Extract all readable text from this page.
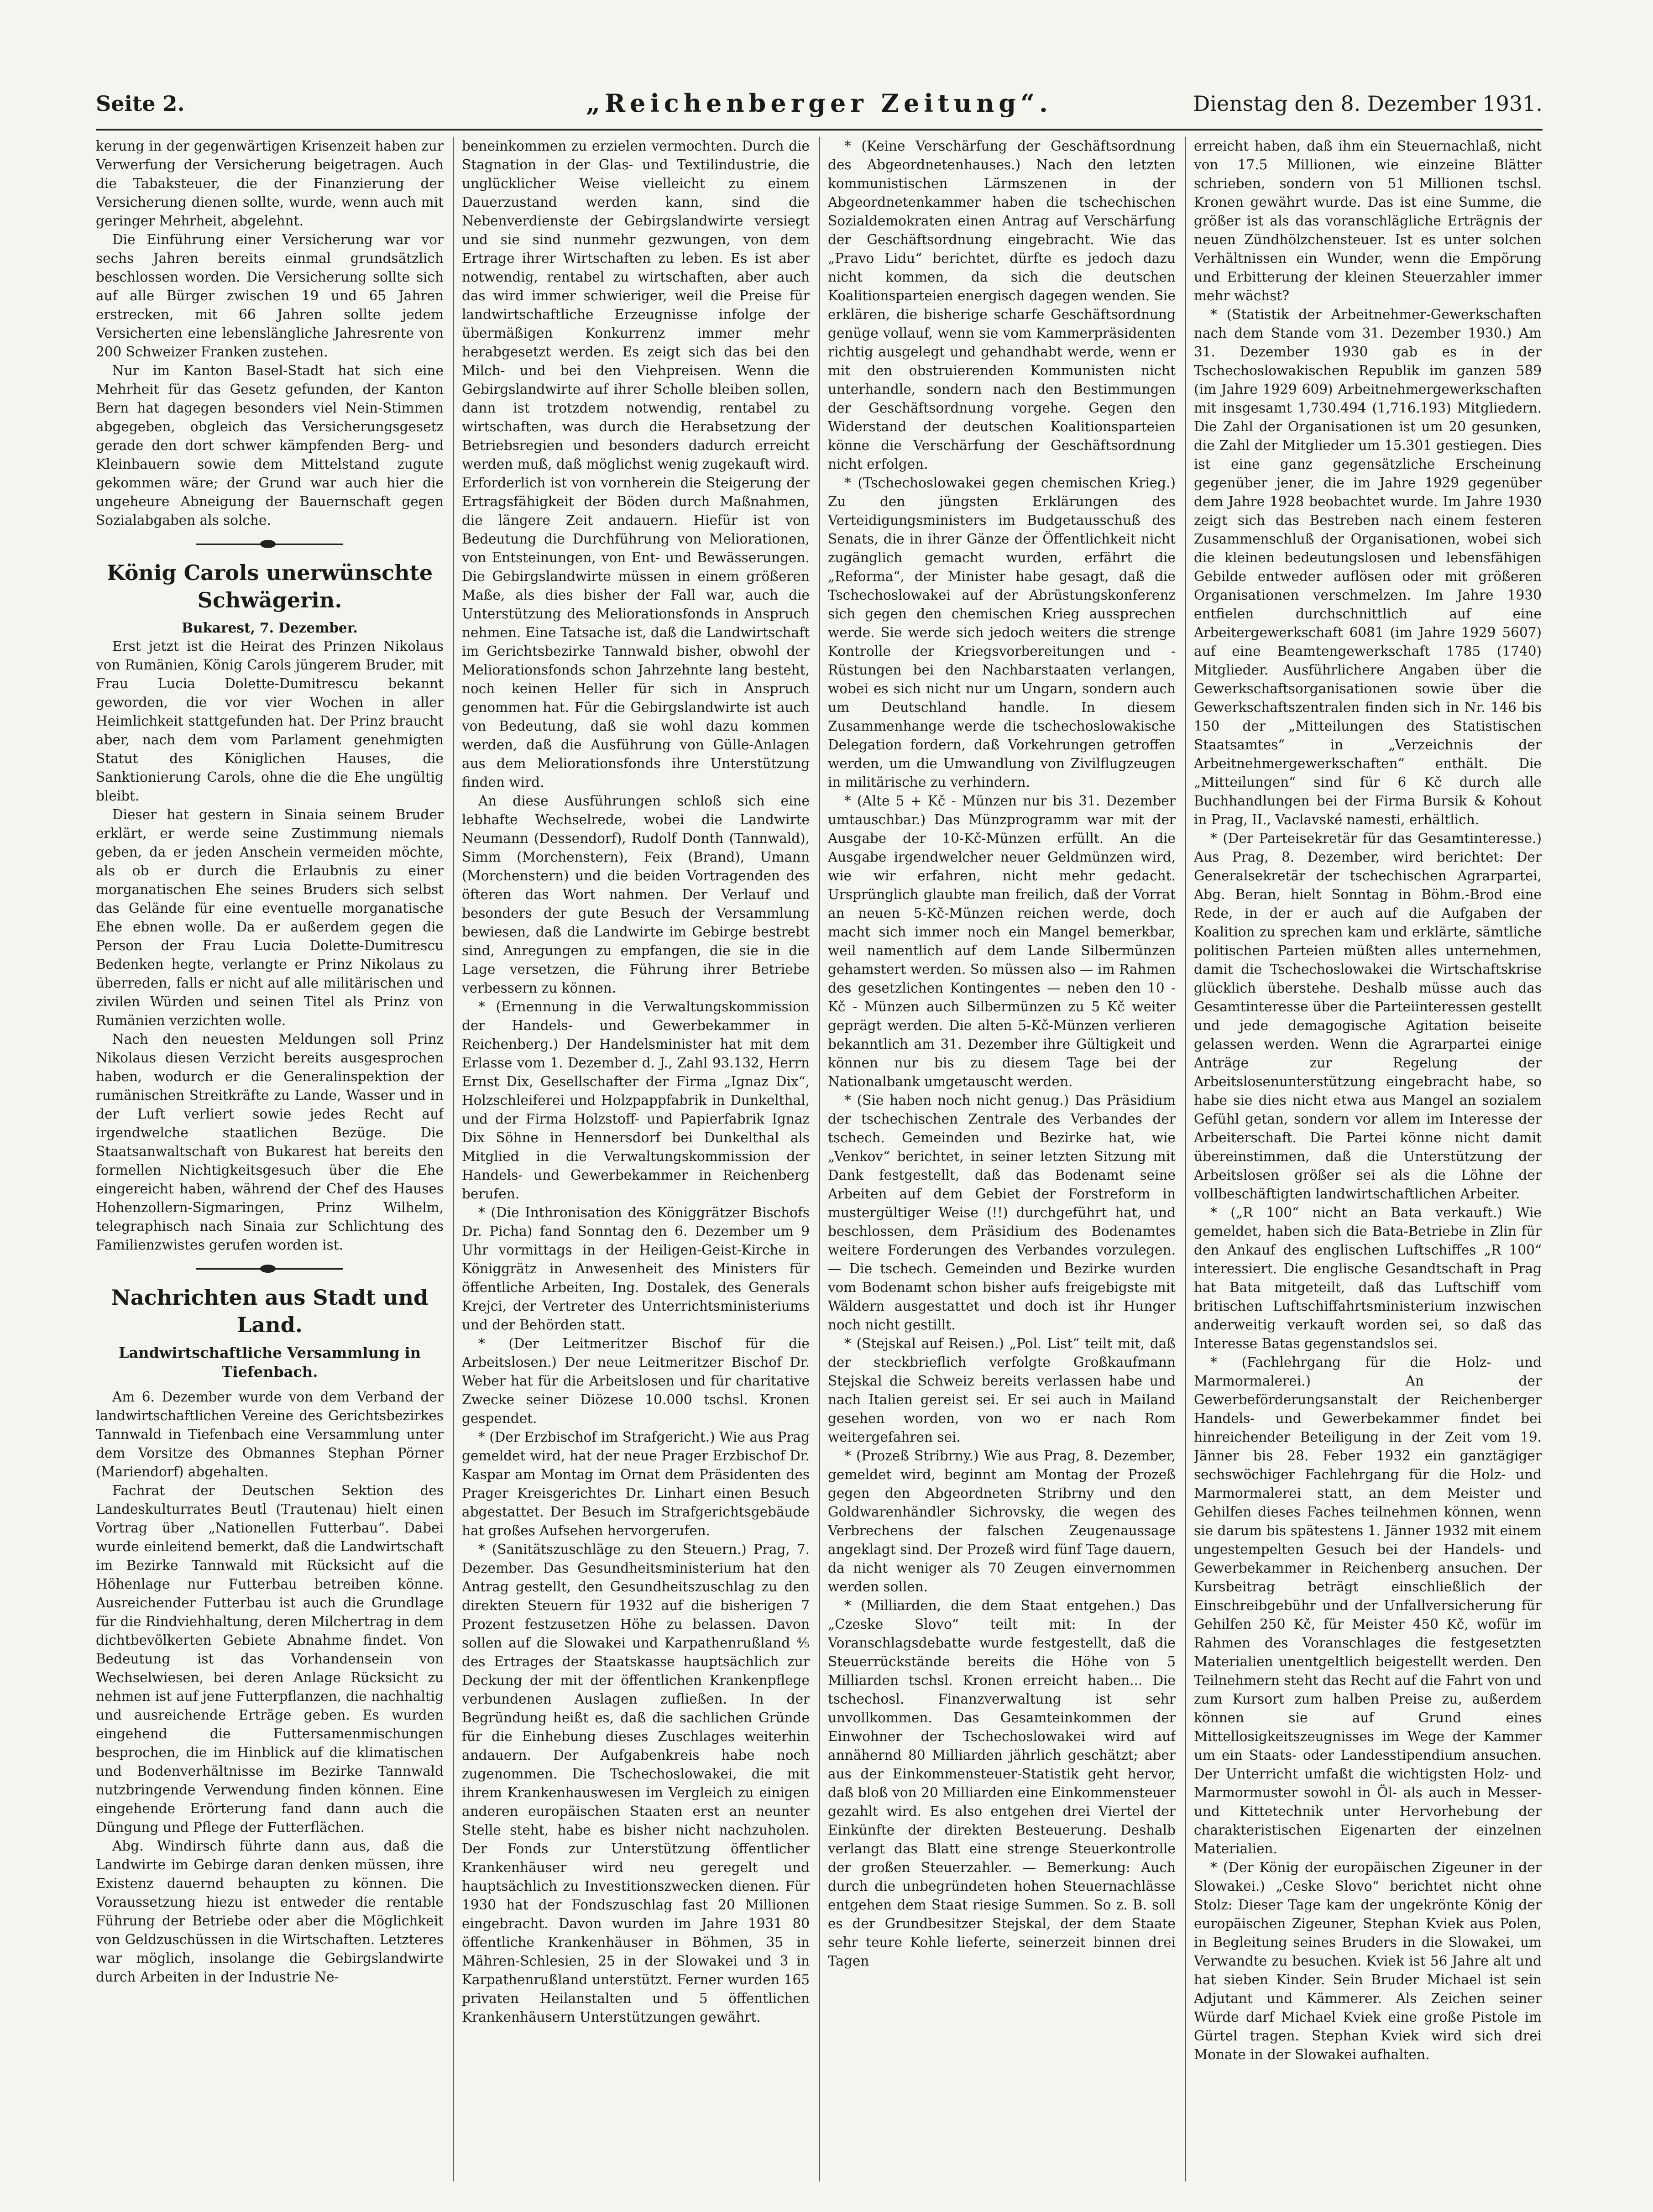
Seite 2.	„Reichenberger Zeitung“.	Dienstag den 8. Dezember 1931.

kerung in der gegenwärtigen Krisenzeit haben zur Verwerfung der Versicherung beigetragen. Auch die Tabaksteuer, die der Finanzierung der Versicherung dienen sollte, wurde, wenn auch mit geringer Mehrheit, abgelehnt.

Die Einführung einer Versicherung war vor sechs Jahren bereits einmal grundsätzlich beschlossen worden. Die Versicherung sollte sich auf alle Bürger zwischen 19 und 65 Jahren erstrecken, mit 66 Jahren sollte jedem Versicherten eine lebenslängliche Jahresrente von 200 Schweizer Franken zustehen.

Nur im Kanton Basel-Stadt hat sich eine Mehrheit für das Gesetz gefunden, der Kanton Bern hat dagegen besonders viel Nein-Stimmen abgegeben, obgleich das Versicherungsgesetz gerade den dort schwer kämpfenden Berg- und Kleinbauern sowie dem Mittelstand zugute gekommen wäre; der Grund war auch hier die ungeheure Abneigung der Bauernschaft gegen Sozialabgaben als solche.

König Carols unerwünschte Schwägerin.

Bukarest, 7. Dezember.

Erst jetzt ist die Heirat des Prinzen Nikolaus von Rumänien, König Carols jüngerem Bruder, mit Frau Lucia Dolette-Dumitrescu bekannt geworden, die vor vier Wochen in aller Heimlichkeit stattgefunden hat. Der Prinz braucht aber, nach dem vom Parlament genehmigten Statut des Königlichen Hauses, die Sanktionierung Carols, ohne die die Ehe ungültig bleibt.

Dieser hat gestern in Sinaia seinem Bruder erklärt, er werde seine Zustimmung niemals geben, da er jeden Anschein vermeiden möchte, als ob er durch die Erlaubnis zu einer morganatischen Ehe seines Bruders sich selbst das Gelände für eine eventuelle morganatische Ehe ebnen wolle. Da er außerdem gegen die Person der Frau Lucia Dolette-Dumitrescu Bedenken hegte, verlangte er Prinz Nikolaus zu überreden, falls er nicht auf alle militärischen und zivilen Würden und seinen Titel als Prinz von Rumänien verzichten wolle.

Nach den neuesten Meldungen soll Prinz Nikolaus diesen Verzicht bereits ausgesprochen haben, wodurch er die Generalinspektion der rumänischen Streitkräfte zu Lande, Wasser und in der Luft verliert sowie jedes Recht auf irgendwelche staatlichen Bezüge. Die Staatsanwaltschaft von Bukarest hat bereits den formellen Nichtigkeitsgesuch über die Ehe eingereicht haben, während der Chef des Hauses Hohenzollern-Sigmaringen, Prinz Wilhelm, telegraphisch nach Sinaia zur Schlichtung des Familienzwistes gerufen worden ist.

Nachrichten aus Stadt und Land.
Landwirtschaftliche Versammlung in Tiefenbach.

Am 6. Dezember wurde von dem Verband der landwirtschaftlichen Vereine des Gerichtsbezirkes Tannwald in Tiefenbach eine Versammlung unter dem Vorsitze des Obmannes Stephan Pörner (Mariendorf) abgehalten.

Fachrat der Deutschen Sektion des Landeskulturrates Beutl (Trautenau) hielt einen Vortrag über „Nationellen Futterbau“. Dabei wurde einleitend bemerkt, daß die Landwirtschaft im Bezirke Tannwald mit Rücksicht auf die Höhenlage nur Futterbau betreiben könne. Ausreichender Futterbau ist auch die Grundlage für die Rindviehhaltung, deren Milchertrag in dem dichtbevölkerten Gebiete Abnahme findet. Von Bedeutung ist das Vorhandensein von Wechselwiesen, bei deren Anlage Rücksicht zu nehmen ist auf jene Futterpflanzen, die nachhaltig und ausreichende Erträge geben. Es wurden eingehend die Futtersamenmischungen besprochen, die im Hinblick auf die klimatischen und Bodenverhältnisse im Bezirke Tannwald nutzbringende Verwendung finden können. Eine eingehende Erörterung fand dann auch die Düngung und Pflege der Futterflächen.

Abg. Windirsch führte dann aus, daß die Landwirte im Gebirge daran denken müssen, ihre Existenz dauernd behaupten zu können. Die Voraussetzung hiezu ist entweder die rentable Führung der Betriebe oder aber die Möglichkeit von Geldzuschüssen in die Wirtschaften. Letzteres war möglich, insolange die Gebirgslandwirte durch Arbeiten in der Industrie Ne-

beneinkommen zu erzielen vermochten. Durch die Stagnation in der Glas- und Textilindustrie, die unglücklicher Weise vielleicht zu einem Dauerzustand werden kann, sind die Nebenverdienste der Gebirgslandwirte versiegt und sie sind nunmehr gezwungen, von dem Ertrage ihrer Wirtschaften zu leben. Es ist aber notwendig, rentabel zu wirtschaften, aber auch das wird immer schwieriger, weil die Preise für landwirtschaftliche Erzeugnisse infolge der übermäßigen Konkurrenz immer mehr herabgesetzt werden. Es zeigt sich das bei den Milch- und bei den Viehpreisen. Wenn die Gebirgslandwirte auf ihrer Scholle bleiben sollen, dann ist trotzdem notwendig, rentabel zu wirtschaften, was durch die Herabsetzung der Betriebsregien und besonders dadurch erreicht werden muß, daß möglichst wenig zugekauft wird. Erforderlich ist von vornherein die Steigerung der Ertragsfähigkeit der Böden durch Maßnahmen, die längere Zeit andauern. Hiefür ist von Bedeutung die Durchführung von Meliorationen, von Entsteinungen, von Ent- und Bewässerungen. Die Gebirgslandwirte müssen in einem größeren Maße, als dies bisher der Fall war, auch die Unterstützung des Meliorationsfonds in Anspruch nehmen. Eine Tatsache ist, daß die Landwirtschaft im Gerichtsbezirke Tannwald bisher, obwohl der Meliorationsfonds schon Jahrzehnte lang besteht, noch keinen Heller für sich in Anspruch genommen hat. Für die Gebirgslandwirte ist auch von Bedeutung, daß sie wohl dazu kommen werden, daß die Ausführung von Gülle-Anlagen aus dem Meliorationsfonds ihre Unterstützung finden wird.

An diese Ausführungen schloß sich eine lebhafte Wechselrede, wobei die Landwirte Neumann (Dessendorf), Rudolf Donth (Tannwald), Simm (Morchenstern), Feix (Brand), Umann (Morchenstern) und die beiden Vortragenden des öfteren das Wort nahmen. Der Verlauf und besonders der gute Besuch der Versammlung bewiesen, daß die Landwirte im Gebirge bestrebt sind, Anregungen zu empfangen, die sie in die Lage versetzen, die Führung ihrer Betriebe verbessern zu können.

* (Ernennung in die Verwaltungskommission der Handels- und Gewerbekammer in Reichenberg.) Der Handelsminister hat mit dem Erlasse vom 1. Dezember d. J., Zahl 93.132, Herrn Ernst Dix, Gesellschafter der Firma „Ignaz Dix“, Holzschleiferei und Holzpappfabrik in Dunkelthal, und der Firma Holzstoff- und Papierfabrik Ignaz Dix Söhne in Hennersdorf bei Dunkelthal als Mitglied in die Verwaltungskommission der Handels- und Gewerbekammer in Reichenberg berufen.

* (Die Inthronisation des Königgrätzer Bischofs Dr. Picha) fand Sonntag den 6. Dezember um 9 Uhr vormittags in der Heiligen-Geist-Kirche in Königgrätz in Anwesenheit des Ministers für öffentliche Arbeiten, Ing. Dostalek, des Generals Krejci, der Vertreter des Unterrichtsministeriums und der Behörden statt.

* (Der Leitmeritzer Bischof für die Arbeitslosen.) Der neue Leitmeritzer Bischof Dr. Weber hat für die Arbeitslosen und für charitative Zwecke seiner Diözese 10.000 tschsl. Kronen gespendet.

* (Der Erzbischof im Strafgericht.) Wie aus Prag gemeldet wird, hat der neue Prager Erzbischof Dr. Kaspar am Montag im Ornat dem Präsidenten des Prager Kreisgerichtes Dr. Linhart einen Besuch abgestattet. Der Besuch im Strafgerichtsgebäude hat großes Aufsehen hervorgerufen.

* (Sanitätszuschläge zu den Steuern.) Prag, 7. Dezember. Das Gesundheitsministerium hat den Antrag gestellt, den Gesundheitszuschlag zu den direkten Steuern für 1932 auf die bisherigen 7 Prozent festzusetzen Höhe zu belassen. Davon sollen auf die Slowakei und Karpathenrußland ⅘ des Ertrages der Staatskasse hauptsächlich zur Deckung der mit der öffentlichen Krankenpflege verbundenen Auslagen zufließen. In der Begründung heißt es, daß die sachlichen Gründe für die Einhebung dieses Zuschlages weiterhin andauern. Der Aufgabenkreis habe noch zugenommen. Die Tschechoslowakei, die mit ihrem Krankenhauswesen im Vergleich zu einigen anderen europäischen Staaten erst an neunter Stelle steht, habe es bisher nicht nachzuholen. Der Fonds zur Unterstützung öffentlicher Krankenhäuser wird neu geregelt und hauptsächlich zu Investitionszwecken dienen. Für 1930 hat der Fondszuschlag fast 20 Millionen eingebracht. Davon wurden im Jahre 1931 80 öffentliche Krankenhäuser in Böhmen, 35 in Mähren-Schlesien, 25 in der Slowakei und 3 in Karpathenrußland unterstützt. Ferner wurden 165 privaten Heilanstalten und 5 öffentlichen Krankenhäusern Unterstützungen gewährt.

* (Keine Verschärfung der Geschäftsordnung des Abgeordnetenhauses.) Nach den letzten kommunistischen Lärmszenen in der Abgeordnetenkammer haben die tschechischen Sozialdemokraten einen Antrag auf Verschärfung der Geschäftsordnung eingebracht. Wie das „Pravo Lidu“ berichtet, dürfte es jedoch dazu nicht kommen, da sich die deutschen Koalitionsparteien energisch dagegen wenden. Sie erklären, die bisherige scharfe Geschäftsordnung genüge vollauf, wenn sie vom Kammerpräsidenten richtig ausgelegt und gehandhabt werde, wenn er mit den obstruierenden Kommunisten nicht unterhandle, sondern nach den Bestimmungen der Geschäftsordnung vorgehe. Gegen den Widerstand der deutschen Koalitionsparteien könne die Verschärfung der Geschäftsordnung nicht erfolgen.

* (Tschechoslowakei gegen chemischen Krieg.) Zu den jüngsten Erklärungen des Verteidigungsministers im Budgetausschuß des Senats, die in ihrer Gänze der Öffentlichkeit nicht zugänglich gemacht wurden, erfährt die „Reforma“, der Minister habe gesagt, daß die Tschechoslowakei auf der Abrüstungskonferenz sich gegen den chemischen Krieg aussprechen werde. Sie werde sich jedoch weiters die strenge Kontrolle der Kriegsvorbereitungen und -Rüstungen bei den Nachbarstaaten verlangen, wobei es sich nicht nur um Ungarn, sondern auch um Deutschland handle. In diesem Zusammenhange werde die tschechoslowakische Delegation fordern, daß Vorkehrungen getroffen werden, um die Umwandlung von Zivilflugzeugen in militärische zu verhindern.

* (Alte 5 + Kč - Münzen nur bis 31. Dezember umtauschbar.) Das Münzprogramm war mit der Ausgabe der 10-Kč-Münzen erfüllt. An die Ausgabe irgendwelcher neuer Geldmünzen wird, wie wir erfahren, nicht mehr gedacht. Ursprünglich glaubte man freilich, daß der Vorrat an neuen 5-Kč-Münzen reichen werde, doch macht sich immer noch ein Mangel bemerkbar, weil namentlich auf dem Lande Silbermünzen gehamstert werden. So müssen also — im Rahmen des gesetzlichen Kontingentes — neben den 10 - Kč - Münzen auch Silbermünzen zu 5 Kč weiter geprägt werden. Die alten 5-Kč-Münzen verlieren bekanntlich am 31. Dezember ihre Gültigkeit und können nur bis zu diesem Tage bei der Nationalbank umgetauscht werden.

* (Sie haben noch nicht genug.) Das Präsidium der tschechischen Zentrale des Verbandes der tschech. Gemeinden und Bezirke hat, wie „Venkov“ berichtet, in seiner letzten Sitzung mit Dank festgestellt, daß das Bodenamt seine Arbeiten auf dem Gebiet der Forstreform in mustergültiger Weise (!!) durchgeführt hat, und beschlossen, dem Präsidium des Bodenamtes weitere Forderungen des Verbandes vorzulegen. — Die tschech. Gemeinden und Bezirke wurden vom Bodenamt schon bisher aufs freigebigste mit Wäldern ausgestattet und doch ist ihr Hunger noch nicht gestillt.

* (Stejskal auf Reisen.) „Pol. List“ teilt mit, daß der steckbrieflich verfolgte Großkaufmann Stejskal die Schweiz bereits verlassen habe und nach Italien gereist sei. Er sei auch in Mailand gesehen worden, von wo er nach Rom weitergefahren sei.

* (Prozeß Stribrny.) Wie aus Prag, 8. Dezember, gemeldet wird, beginnt am Montag der Prozeß gegen den Abgeordneten Stribrny und den Goldwarenhändler Sichrovsky, die wegen des Verbrechens der falschen Zeugenaussage angeklagt sind. Der Prozeß wird fünf Tage dauern, da nicht weniger als 70 Zeugen einvernommen werden sollen.

* (Milliarden, die dem Staat entgehen.) Das „Czeske Slovo“ teilt mit: In der Voranschlagsdebatte wurde festgestellt, daß die Steuerrückstände bereits die Höhe von 5 Milliarden tschsl. Kronen erreicht haben... Die tschechosl. Finanzverwaltung ist sehr unvollkommen. Das Gesamteinkommen der Einwohner der Tschechoslowakei wird auf annähernd 80 Milliarden jährlich geschätzt; aber aus der Einkommensteuer-Statistik geht hervor, daß bloß von 20 Milliarden eine Einkommensteuer gezahlt wird. Es also entgehen drei Viertel der Einkünfte der direkten Besteuerung. Deshalb verlangt das Blatt eine strenge Steuerkontrolle der großen Steuerzahler. — Bemerkung: Auch durch die unbegründeten hohen Steuernachlässe entgehen dem Staat riesige Summen. So z. B. soll es der Grundbesitzer Stejskal, der dem Staate sehr teure Kohle lieferte, seinerzeit binnen drei Tagen

erreicht haben, daß ihm ein Steuernachlaß, nicht von 17.5 Millionen, wie einzeine Blätter schrieben, sondern von 51 Millionen tschsl. Kronen gewährt wurde. Das ist eine Summe, die größer ist als das voranschlägliche Erträgnis der neuen Zündhölzchensteuer. Ist es unter solchen Verhältnissen ein Wunder, wenn die Empörung und Erbitterung der kleinen Steuerzahler immer mehr wächst?

* (Statistik der Arbeitnehmer-Gewerkschaften nach dem Stande vom 31. Dezember 1930.) Am 31. Dezember 1930 gab es in der Tschechoslowakischen Republik im ganzen 589 (im Jahre 1929 609) Arbeitnehmergewerkschaften mit insgesamt 1,730.494 (1,716.193) Mitgliedern. Die Zahl der Organisationen ist um 20 gesunken, die Zahl der Mitglieder um 15.301 gestiegen. Dies ist eine ganz gegensätzliche Erscheinung gegenüber jener, die im Jahre 1929 gegenüber dem Jahre 1928 beobachtet wurde. Im Jahre 1930 zeigt sich das Bestreben nach einem festeren Zusammenschluß der Organisationen, wobei sich die kleinen bedeutungslosen und lebensfähigen Gebilde entweder auflösen oder mit größeren Organisationen verschmelzen. Im Jahre 1930 entfielen durchschnittlich auf eine Arbeitergewerkschaft 6081 (im Jahre 1929 5607) auf eine Beamtengewerkschaft 1785 (1740) Mitglieder. Ausführlichere Angaben über die Gewerkschaftsorganisationen sowie über die Gewerkschaftszentralen finden sich in Nr. 146 bis 150 der „Mitteilungen des Statistischen Staatsamtes“ in „Verzeichnis der Arbeitnehmergewerkschaften“ enthält. Die „Mitteilungen“ sind für 6 Kč durch alle Buchhandlungen bei der Firma Bursik & Kohout in Prag, II., Vaclavské namesti, erhältlich.

* (Der Parteisekretär für das Gesamtinteresse.) Aus Prag, 8. Dezember, wird berichtet: Der Generalsekretär der tschechischen Agrarpartei, Abg. Beran, hielt Sonntag in Böhm.-Brod eine Rede, in der er auch auf die Aufgaben der Koalition zu sprechen kam und erklärte, sämtliche politischen Parteien müßten alles unternehmen, damit die Tschechoslowakei die Wirtschaftskrise glücklich überstehe. Deshalb müsse auch das Gesamtinteresse über die Parteiinteressen gestellt und jede demagogische Agitation beiseite gelassen werden. Wenn die Agrarpartei einige Anträge zur Regelung der Arbeitslosenunterstützung eingebracht habe, so habe sie dies nicht etwa aus Mangel an sozialem Gefühl getan, sondern vor allem im Interesse der Arbeiterschaft. Die Partei könne nicht damit übereinstimmen, daß die Unterstützung der Arbeitslosen größer sei als die Löhne der vollbeschäftigten landwirtschaftlichen Arbeiter.

* („R 100“ nicht an Bata verkauft.) Wie gemeldet, haben sich die Bata-Betriebe in Zlin für den Ankauf des englischen Luftschiffes „R 100“ interessiert. Die englische Gesandtschaft in Prag hat Bata mitgeteilt, daß das Luftschiff vom britischen Luftschiffahrtsministerium inzwischen anderweitig verkauft worden sei, so daß das Interesse Batas gegenstandslos sei.

* (Fachlehrgang für die Holz- und Marmormalerei.) An der Gewerbeförderungsanstalt der Reichenberger Handels- und Gewerbekammer findet bei hinreichender Beteiligung in der Zeit vom 19. Jänner bis 28. Feber 1932 ein ganztägiger sechswöchiger Fachlehrgang für die Holz- und Marmormalerei statt, an dem Meister und Gehilfen dieses Faches teilnehmen können, wenn sie darum bis spätestens 1. Jänner 1932 mit einem ungestempelten Gesuch bei der Handels- und Gewerbekammer in Reichenberg ansuchen. Der Kursbeitrag beträgt einschließlich der Einschreibgebühr und der Unfallversicherung für Gehilfen 250 Kč, für Meister 450 Kč, wofür im Rahmen des Voranschlages die festgesetzten Materialien unentgeltlich beigestellt werden. Den Teilnehmern steht das Recht auf die Fahrt von und zum Kursort zum halben Preise zu, außerdem können sie auf Grund eines Mittellosigkeitszeugnisses im Wege der Kammer um ein Staats- oder Landesstipendium ansuchen. Der Unterricht umfaßt die wichtigsten Holz- und Marmormuster sowohl in Öl- als auch in Messer- und Kittetechnik unter Hervorhebung der charakteristischen Eigenarten der einzelnen Materialien.

* (Der König der europäischen Zigeuner in der Slowakei.) „Ceske Slovo“ berichtet nicht ohne Stolz: Dieser Tage kam der ungekrönte König der europäischen Zigeuner, Stephan Kviek aus Polen, in Begleitung seines Bruders in die Slowakei, um Verwandte zu besuchen. Kviek ist 56 Jahre alt und hat sieben Kinder. Sein Bruder Michael ist sein Adjutant und Kämmerer. Als Zeichen seiner Würde darf Michael Kviek eine große Pistole im Gürtel tragen. Stephan Kviek wird sich drei Monate in der Slowakei aufhalten.
